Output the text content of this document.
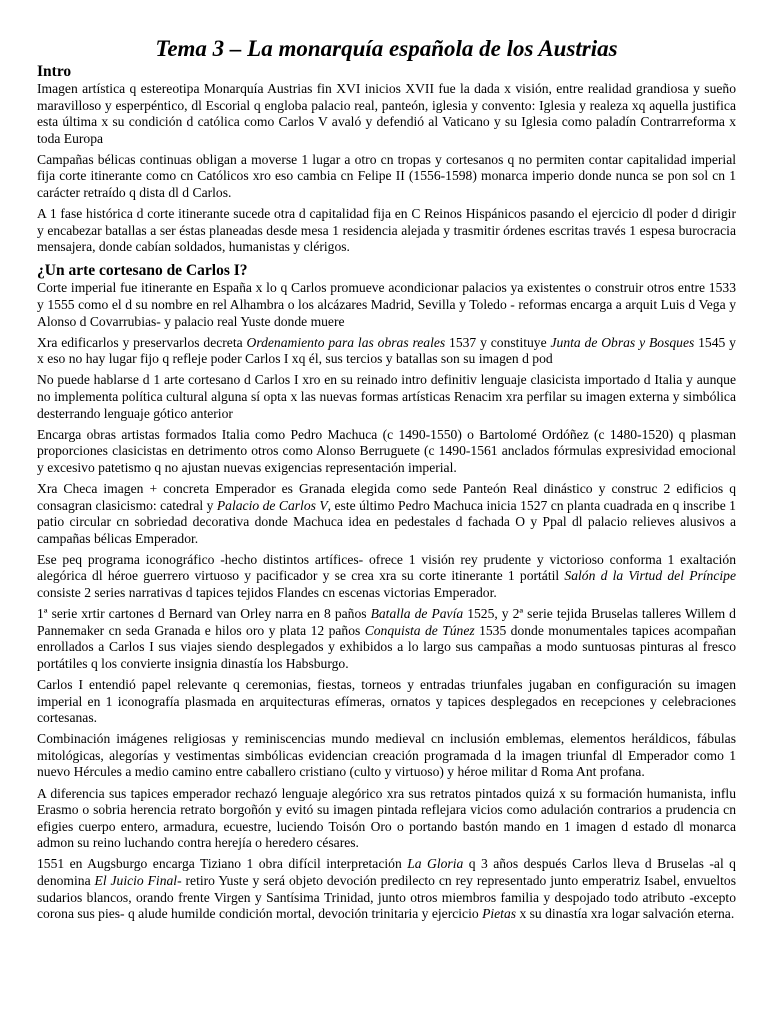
Tema 3 – La monarquía española de los Austrias
Intro

Imagen artística q estereotipa Monarquía Austrias fin XVI inicios XVII fue la dada x visión, entre realidad grandiosa y sueño maravilloso y esperpéntico, dl Escorial q engloba palacio real, panteón, iglesia y convento: Iglesia y realeza xq aquella justifica esta última x su condición d católica como Carlos V avaló y defendió al Vaticano y su Iglesia como paladín Contrarreforma x toda Europa

Campañas bélicas continuas obligan a moverse 1 lugar a otro cn tropas y cortesanos q no permiten contar capitalidad imperial fija corte itinerante como cn Católicos xro eso cambia cn Felipe II (1556-1598) monarca imperio donde nunca se pon sol cn 1 carácter retraído q dista dl d Carlos.

A 1 fase histórica d corte itinerante sucede otra d capitalidad fija en C Reinos Hispánicos pasando el ejercicio dl poder d dirigir y encabezar batallas a ser éstas planeadas desde mesa 1 residencia alejada y trasmitir órdenes escritas través 1 espesa burocracia mensajera, donde cabían soldados, humanistas y clérigos.

¿Un arte cortesano de Carlos I?

Corte imperial fue itinerante en España x lo q Carlos promueve acondicionar palacios ya existentes o construir otros entre 1533 y 1555 como el d su nombre en rel Alhambra o los alcázares Madrid, Sevilla y Toledo - reformas encarga a arquit Luis d Vega y Alonso d Covarrubias- y palacio real Yuste donde muere

Xra edificarlos y preservarlos decreta Ordenamiento para las obras reales 1537 y constituye Junta de Obras y Bosques 1545 y x eso no hay lugar fijo q refleje poder Carlos I xq él, sus tercios y batallas son su imagen d pod

No puede hablarse d 1 arte cortesano d Carlos I xro en su reinado intro definitiv lenguaje clasicista importado d Italia y aunque no implementa política cultural alguna sí opta x las nuevas formas artísticas Renacim xra perfilar su imagen externa y simbólica desterrando lenguaje gótico anterior

Encarga obras artistas formados Italia como Pedro Machuca (c 1490-1550) o Bartolomé Ordóñez (c 1480-1520) q plasman proporciones clasicistas en detrimento otros como Alonso Berruguete (c 1490-1561 anclados fórmulas expresividad emocional y excesivo patetismo q no ajustan nuevas exigencias representación imperial.

Xra Checa imagen + concreta Emperador es Granada elegida como sede Panteón Real dinástico y construc 2 edificios q consagran clasicismo: catedral y Palacio de Carlos V, este último Pedro Machuca inicia 1527 cn planta cuadrada en q inscribe 1 patio circular cn sobriedad decorativa donde Machuca idea en pedestales d fachada O y Ppal dl palacio relieves alusivos a campañas bélicas Emperador.

Ese peq programa iconográfico -hecho distintos artífices- ofrece 1 visión rey prudente y victorioso conforma 1 exaltación alegórica dl héroe guerrero virtuoso y pacificador y se crea xra su corte itinerante 1 portátil Salón d la Virtud del Príncipe consiste 2 series narrativas d tapices tejidos Flandes cn escenas victorias Emperador.

1ª serie xrtir cartones d Bernard van Orley narra en 8 paños Batalla de Pavía 1525, y 2ª serie tejida Bruselas talleres Willem d Pannemaker cn seda Granada e hilos oro y plata 12 paños Conquista de Túnez 1535 donde monumentales tapices acompañan enrollados a Carlos I sus viajes siendo desplegados y exhibidos a lo largo sus campañas a modo suntuosas pinturas al fresco portátiles q los convierte insignia dinastía los Habsburgo.

Carlos I entendió papel relevante q ceremonias, fiestas, torneos y entradas triunfales jugaban en configuración su imagen imperial en 1 iconografía plasmada en arquitecturas efímeras, ornatos y tapices desplegados en recepciones y celebraciones cortesanas.

Combinación imágenes religiosas y reminiscencias mundo medieval cn inclusión emblemas, elementos heráldicos, fábulas mitológicas, alegorías y vestimentas simbólicas evidencian creación programada d la imagen triunfal dl Emperador como 1 nuevo Hércules a medio camino entre caballero cristiano (culto y virtuoso) y héroe militar d Roma Ant profana.

A diferencia sus tapices emperador rechazó lenguaje alegórico xra sus retratos pintados quizá x su formación humanista, influ Erasmo o sobria herencia retrato borgoñón y evitó su imagen pintada reflejara vicios como adulación contrarios a prudencia cn efigies cuerpo entero, armadura, ecuestre, luciendo Toisón Oro o portando bastón mando en 1 imagen d estado dl monarca admon su reino luchando contra herejía o heredero césares.

1551 en Augsburgo encarga Tiziano 1 obra difícil interpretación La Gloria q 3 años después Carlos lleva d Bruselas -al q denomina El Juicio Final- retiro Yuste y será objeto devoción predilecto cn rey representado junto emperatriz Isabel, envueltos sudarios blancos, orando frente Virgen y Santísima Trinidad, junto otros miembros familia y despojado todo atributo -excepto corona sus pies- q alude humilde condición mortal, devoción trinitaria y ejercicio Pietas x su dinastía xra logar salvación eterna.
